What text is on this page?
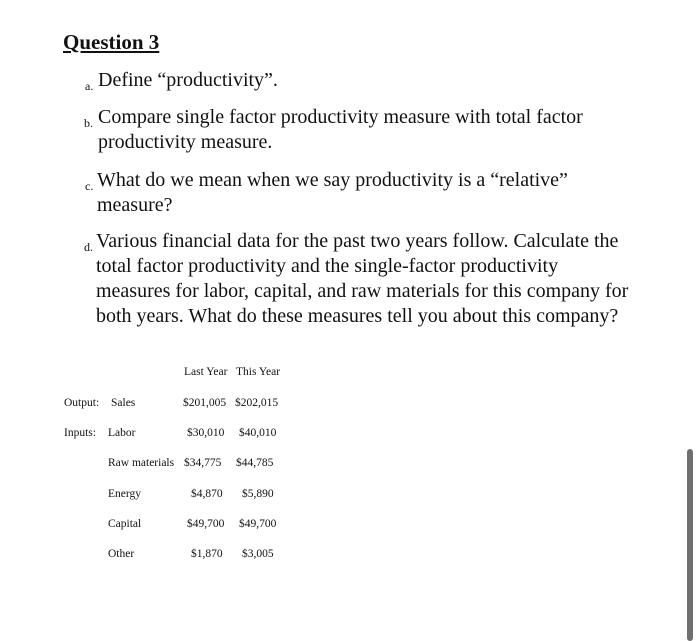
Question 3
a. Define “productivity”.
b. Compare single factor productivity measure with total factor productivity measure.
c. What do we mean when we say productivity is a “relative” measure?
d. Various financial data for the past two years follow. Calculate the total factor productivity and the single-factor productivity measures for labor, capital, and raw materials for this company for both years. What do these measures tell you about this company?
Last Year This Year
Output: Sales	$201,005 $202,015
Inputs: Labor	$30,010 $40,010
Raw materials $34,775 $44,785
Energy	$4,870 $5,890
Capital	$49,700 $49,700
Other	$1,870 $3,005
